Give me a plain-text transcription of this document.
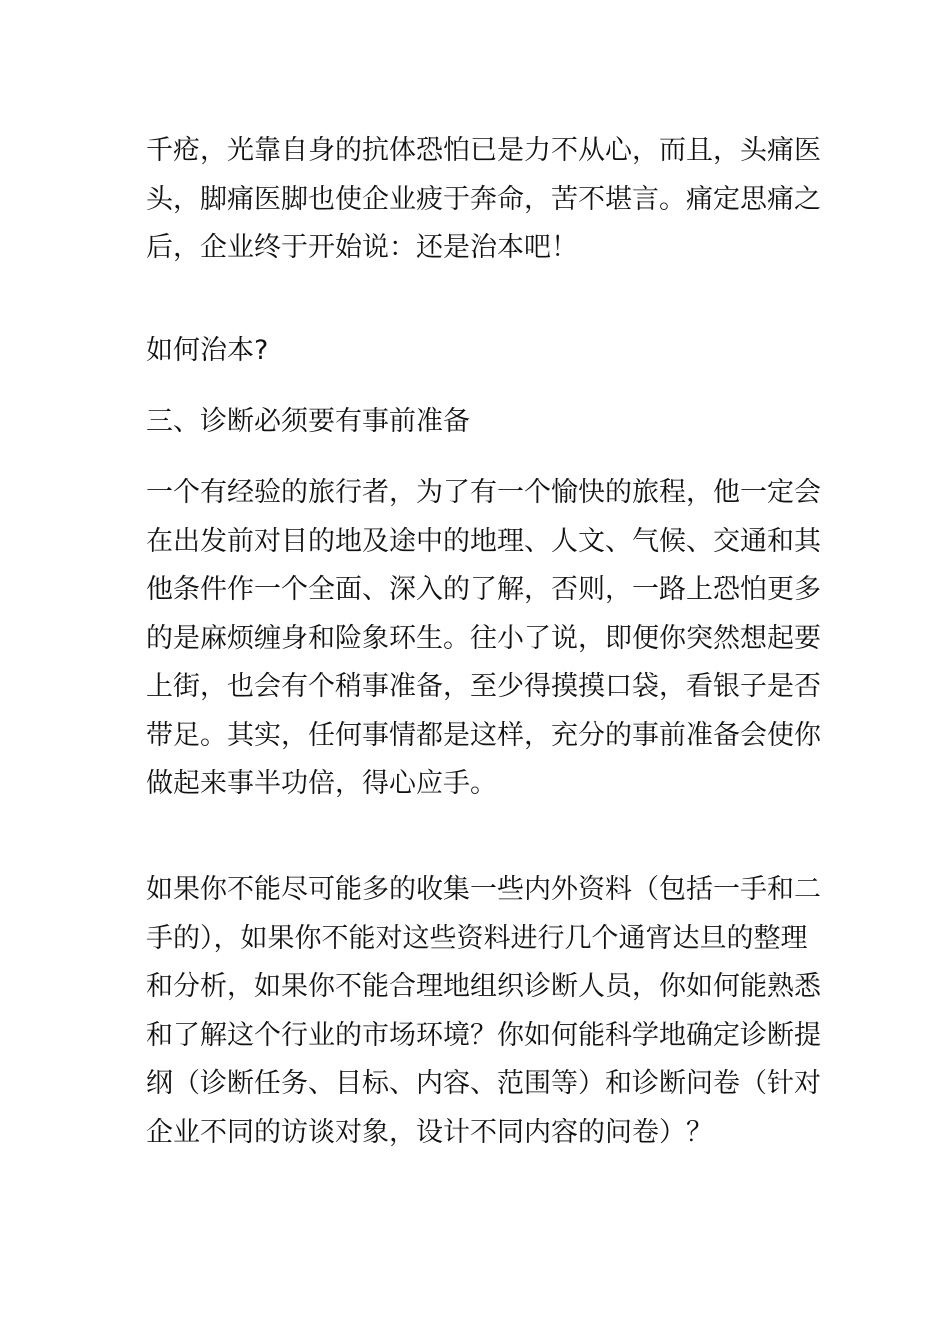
千疮，光靠自身的抗体恐怕已是力不从心，而且，头痛医
头，脚痛医脚也使企业疲于奔命，苦不堪言。痛定思痛之
后，企业终于开始说：还是治本吧！

如何治本?

三、诊断必须要有事前准备

一个有经验的旅行者，为了有一个愉快的旅程，他一定会
在出发前对目的地及途中的地理、人文、气候、交通和其
他条件作一个全面、深入的了解，否则，一路上恐怕更多
的是麻烦缠身和险象环生。往小了说，即便你突然想起要
上街，也会有个稍事准备，至少得摸摸口袋，看银子是否
带足。其实，任何事情都是这样，充分的事前准备会使你
做起来事半功倍，得心应手。

如果你不能尽可能多的收集一些内外资料（包括一手和二
手的），如果你不能对这些资料进行几个通宵达旦的整理
和分析，如果你不能合理地组织诊断人员，你如何能熟悉
和了解这个行业的市场环境？你如何能科学地确定诊断提
纲（诊断任务、目标、内容、范围等）和诊断问卷（针对
企业不同的访谈对象，设计不同内容的问卷）？
